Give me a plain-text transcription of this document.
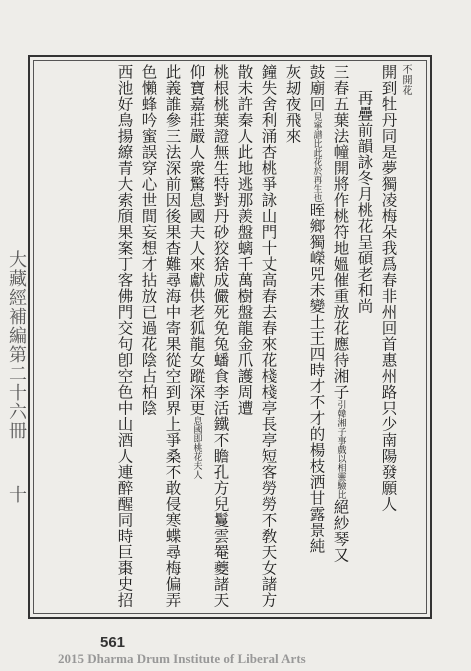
不開花
開到牡丹同是夢獨凌梅朵我爲春非州回首惠州路只少南陽發願人
再疊前韻詠冬月桃花呈碩老和尚
三春五葉法幢開將作桃符地媼催重放花應待湘子引韓湘子事戲以相靈驗比絕紗琴又
鼓廟回見寧譜比此花於再生也晊鄉獨嶸兕未變土王四時才不才的楊枝洒甘露景純
灰刼夜飛來
鐘失舍利涌杏桃爭詠山門十丈高春去春來花棧棧亭長亭短客勞勞不敎天女諸方
散未許秦人此地逃那羨盤螭千萬樹盤龍金爪護周遭
桃根桃葉證無生特對丹砂狡猞成儼死免兔蟠食李活鐵不瞻孔方兒鬘雲罨夔諸天
仰寶嘉莊嚴人衆驚息國夫人來獻供老狐龍女蹤深更息國即桃花夫人
此義誰參三法深前因後果杳難尋海中寄果從空到界上爭桑不敢侵寒蝶尋梅偏弄
色懶蜂吟蜜誤穿心世間妄想才拈放已過花陰占柏陰
西池好鳥揚繚青大索頎果案丁客佛門交句卽空色中山酒人連醉醒同時巨棗史招
大藏經補編第二十六冊
十
561
2015 Dharma Drum Institute of Liberal Arts
